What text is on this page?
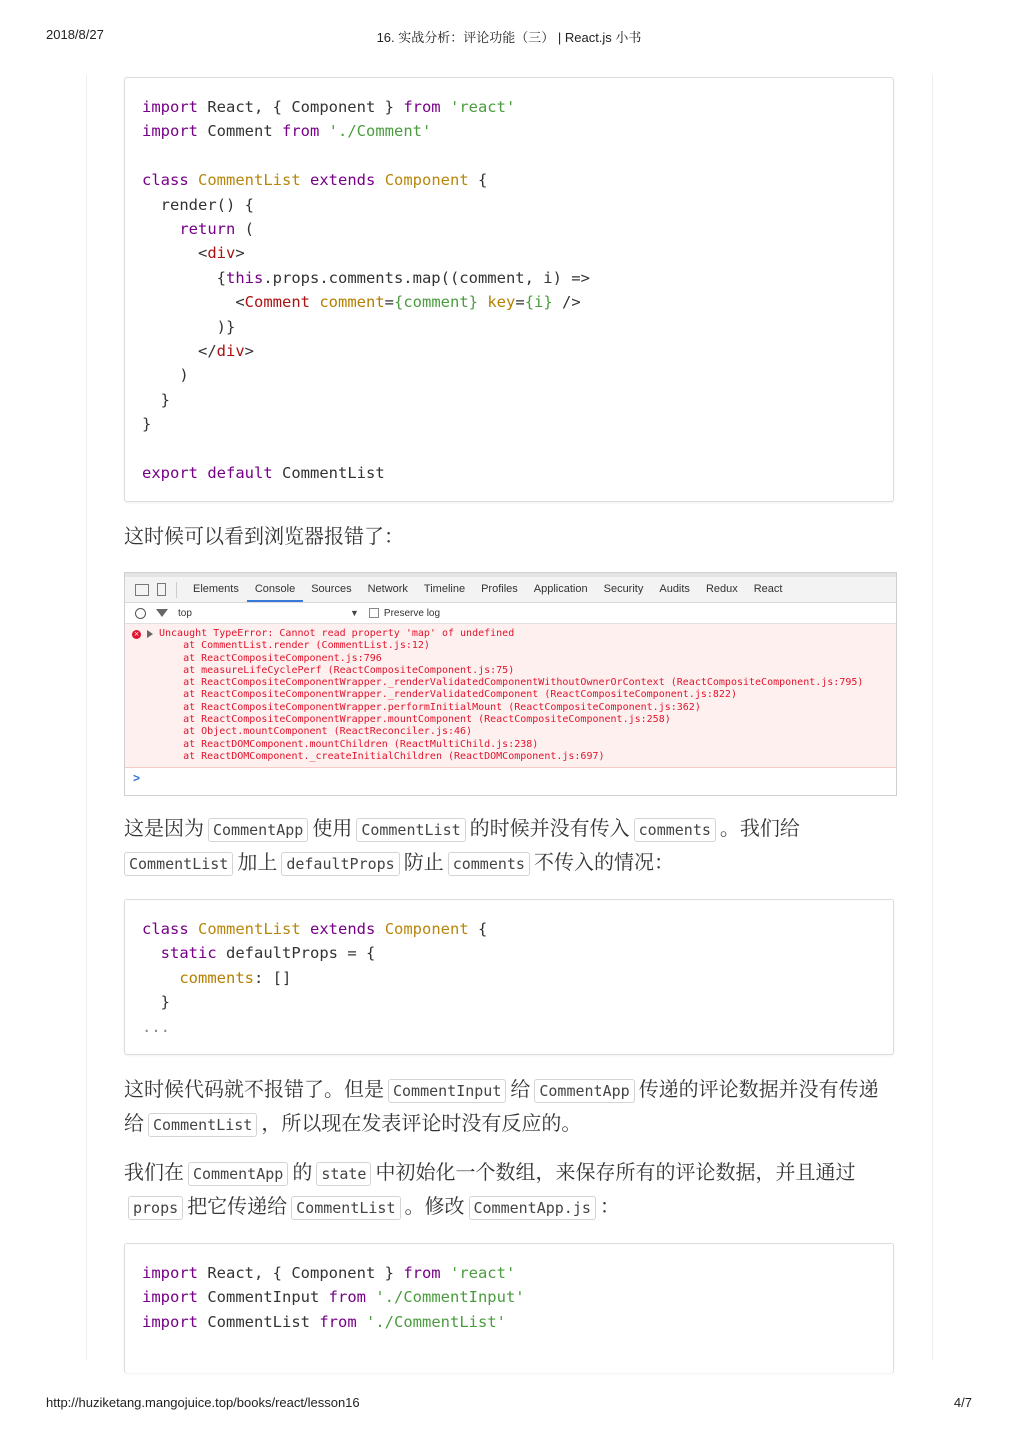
2018/8/27	16. 实战分析：评论功能（三） | React.js 小书
import React, { Component } from 'react'
import Comment from './Comment'

class CommentList extends Component {
render() {
return (
<div>
{this.props.comments.map((comment, i) =>
<Comment comment={comment} key={i} />
)}
</div>
)
}
}

export default CommentList
这时候可以看到浏览器报错了：
Elements	Console	Sources	Network	Timeline	Profiles	Application	Security	Audits	Redux	React
top	▼	Preserve log
×	Uncaught TypeError: Cannot read property 'map' of undefined
at CommentList.render (CommentList.js:12)
at ReactCompositeComponent.js:796
at measureLifeCyclePerf (ReactCompositeComponent.js:75)
at ReactCompositeComponentWrapper._renderValidatedComponentWithoutOwnerOrContext (ReactCompositeComponent.js:795)
at ReactCompositeComponentWrapper._renderValidatedComponent (ReactCompositeComponent.js:822)
at ReactCompositeComponentWrapper.performInitialMount (ReactCompositeComponent.js:362)
at ReactCompositeComponentWrapper.mountComponent (ReactCompositeComponent.js:258)
at Object.mountComponent (ReactReconciler.js:46)
at ReactDOMComponent.mountChildren (ReactMultiChild.js:238)
at ReactDOMComponent._createInitialChildren (ReactDOMComponent.js:697)
>
这是因为 CommentApp 使用 CommentList 的时候并没有传入 comments 。我们给
CommentList 加上 defaultProps 防止 comments 不传入的情况：
class CommentList extends Component {
static defaultProps = {
comments: []
}
...
这时候代码就不报错了。但是 CommentInput 给 CommentApp 传递的评论数据并没有传递给 CommentList ，所以现在发表评论时没有反应的。
我们在 CommentApp 的 state 中初始化一个数组，来保存所有的评论数据，并且通过props 把它传递给 CommentList 。修改 CommentApp.js ：
import React, { Component } from 'react'
import CommentInput from './CommentInput'
import CommentList from './CommentList'
http://huziketang.mangojuice.top/books/react/lesson16	4/7
